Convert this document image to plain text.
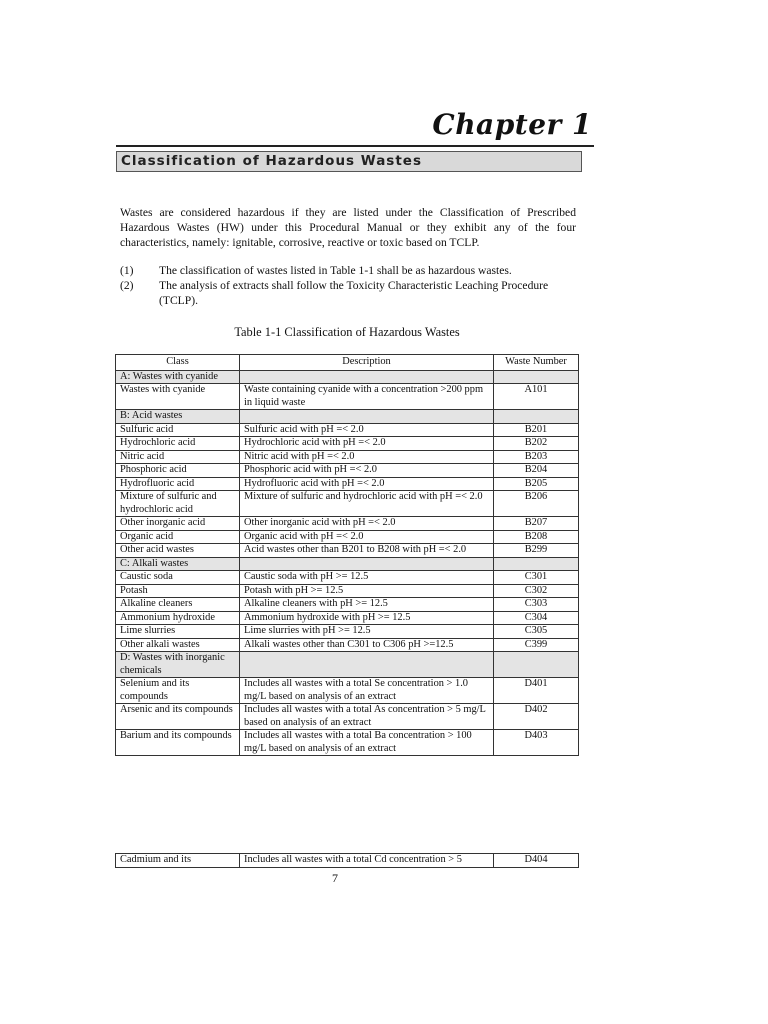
Chapter 1
Classification of Hazardous Wastes

Wastes are considered hazardous if they are listed under the Classification of Prescribed Hazardous Wastes (HW) under this Procedural Manual or they exhibit any of the four characteristics, namely: ignitable, corrosive, reactive or toxic based on TCLP.

(1)	The classification of wastes listed in Table 1-1 shall be as hazardous wastes.
(2)	The analysis of extracts shall follow the Toxicity Characteristic Leaching Procedure (TCLP).
Table 1-1 Classification of Hazardous Wastes
Class	Description	Waste Number
A: Wastes with cyanide		
Wastes with cyanide	Waste containing cyanide with a concentration >200 ppm in liquid waste	A101
B: Acid wastes		
Sulfuric acid	Sulfuric acid with pH =< 2.0	B201
Hydrochloric acid	Hydrochloric acid with pH =< 2.0	B202
Nitric acid	Nitric acid with pH =< 2.0	B203
Phosphoric acid	Phosphoric acid with pH =< 2.0	B204
Hydrofluoric acid	Hydrofluoric acid with pH =< 2.0	B205
Mixture of sulfuric and hydrochloric acid	Mixture of sulfuric and hydrochloric acid with pH =< 2.0	B206
Other inorganic acid	Other inorganic acid with pH =< 2.0	B207
Organic acid	Organic acid with pH =< 2.0	B208
Other acid wastes	Acid wastes other than B201 to B208 with pH =< 2.0	B299
C: Alkali wastes		
Caustic soda	Caustic soda with pH >= 12.5	C301
Potash	Potash with pH >= 12.5	C302
Alkaline cleaners	Alkaline cleaners with pH >= 12.5	C303
Ammonium hydroxide	Ammonium hydroxide with pH >= 12.5	C304
Lime slurries	Lime slurries with pH >= 12.5	C305
Other alkali wastes	Alkali wastes other than C301 to C306 pH >=12.5	C399
D: Wastes with inorganic chemicals		
Selenium and its compounds	Includes all wastes with a total Se concentration > 1.0 mg/L based on analysis of an extract	D401
Arsenic and its compounds	Includes all wastes with a total As concentration > 5 mg/L based on analysis of an extract	D402
Barium and its compounds	Includes all wastes with a total Ba concentration > 100 mg/L based on analysis of an extract	D403
Cadmium and its	Includes all wastes with a total Cd concentration > 5	D404
7
